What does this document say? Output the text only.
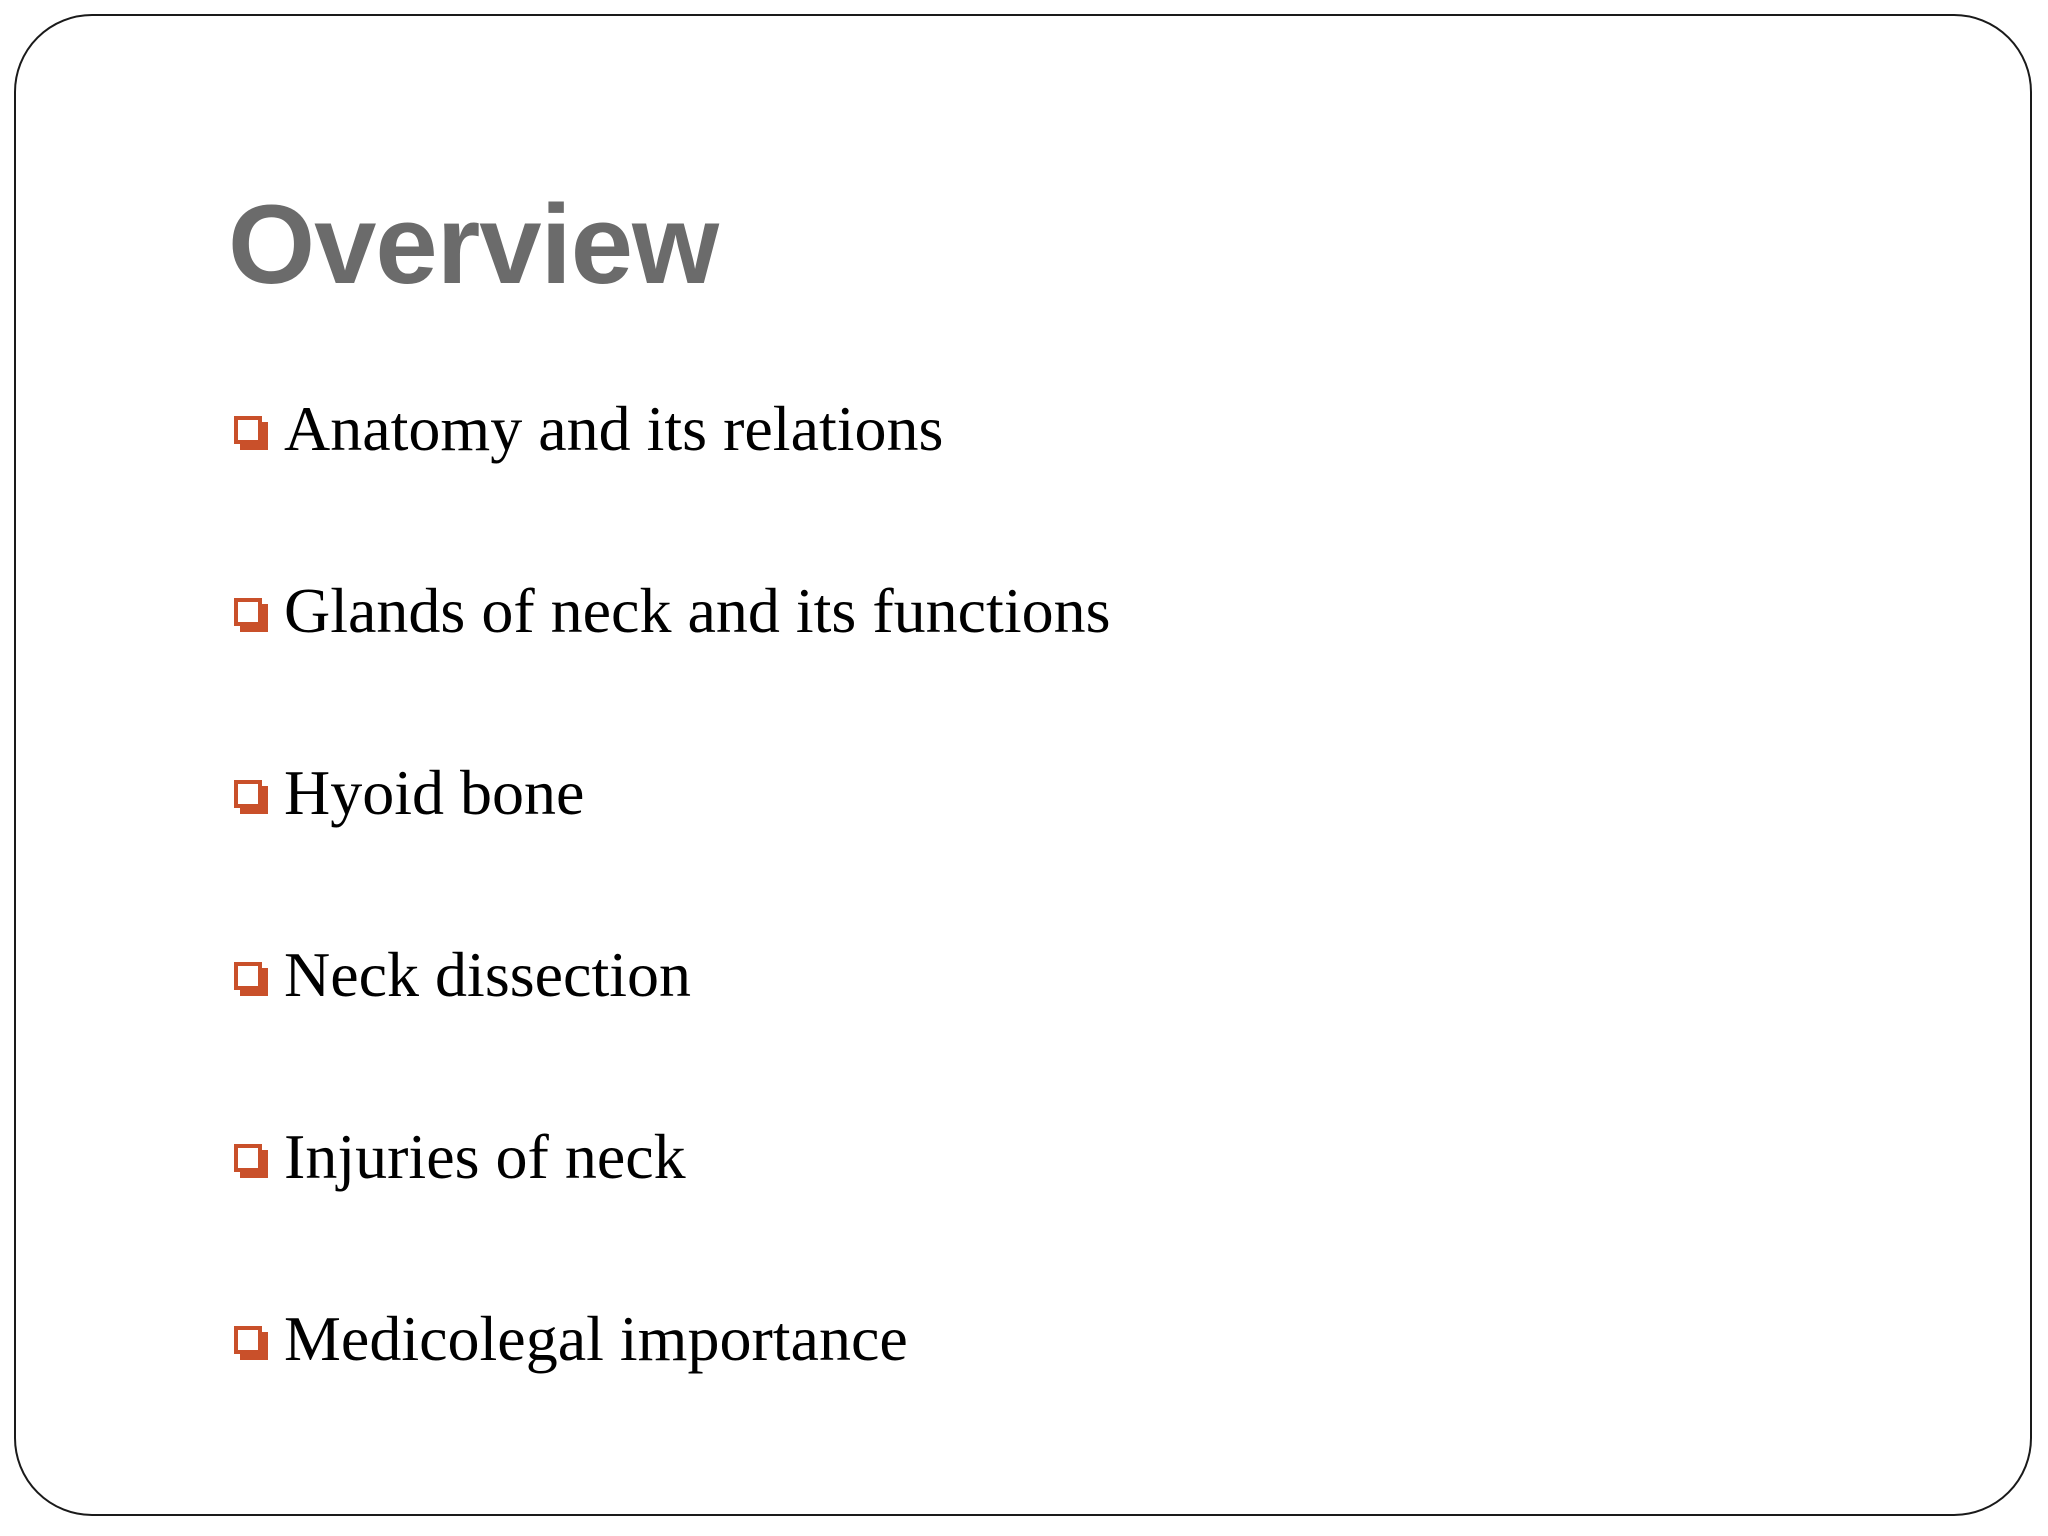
Overview
Anatomy and its relations
Glands of neck and its functions
Hyoid bone
Neck dissection
Injuries of neck
Medicolegal importance
